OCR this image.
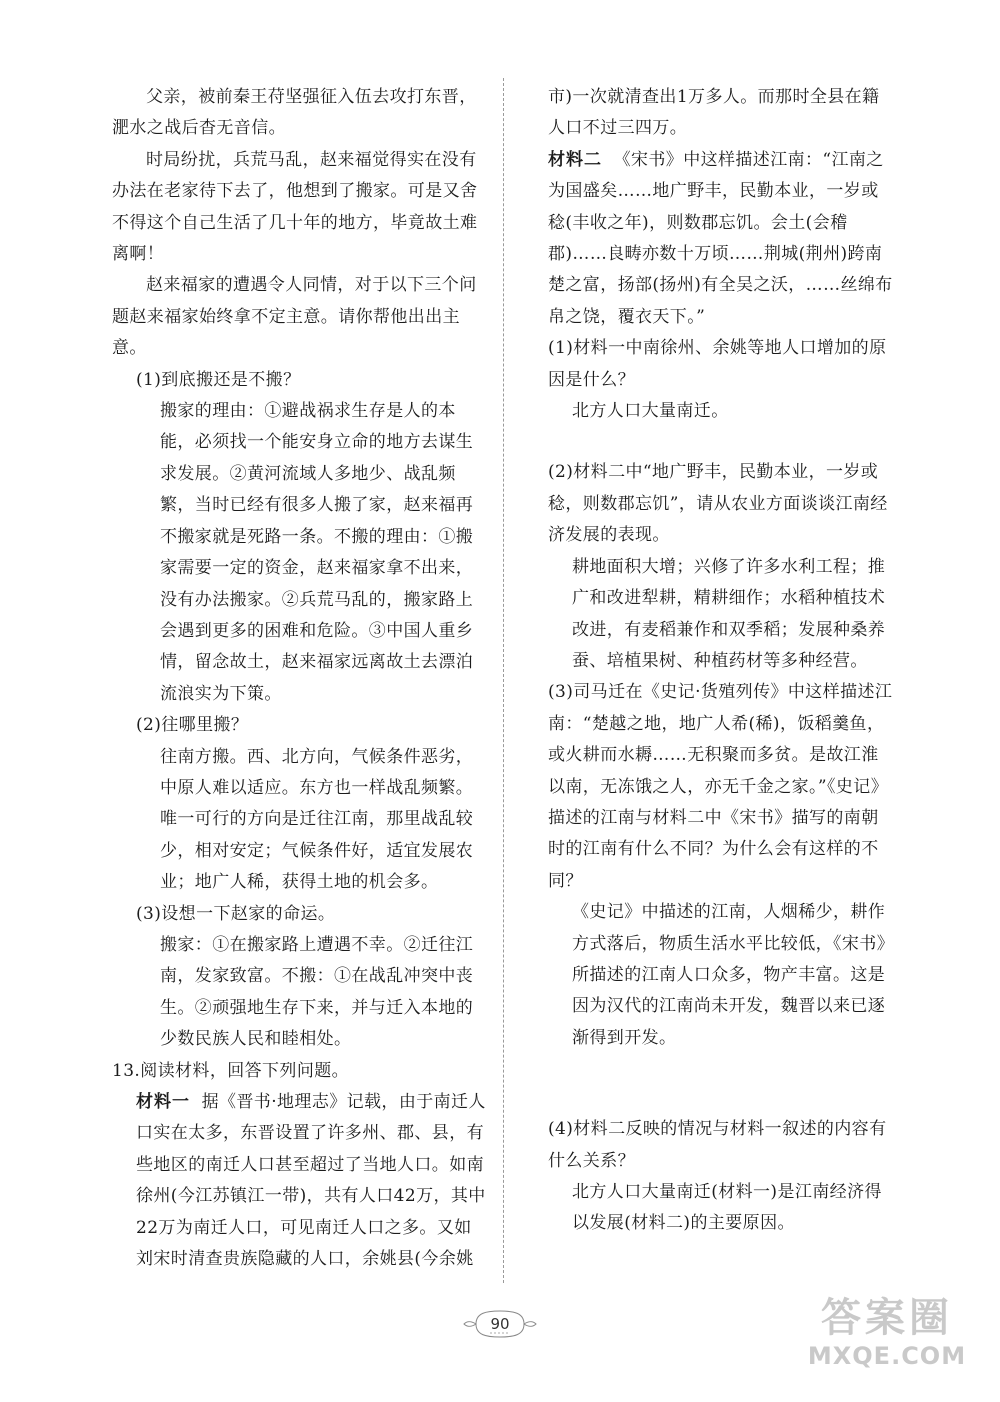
父亲，被前秦王苻坚强征入伍去攻打东晋，淝水之战后杳无音信。

时局纷扰，兵荒马乱，赵来福觉得实在没有办法在老家待下去了，他想到了搬家。可是又舍不得这个自己生活了几十年的地方，毕竟故土难离啊！

赵来福家的遭遇令人同情，对于以下三个问题赵来福家始终拿不定主意。请你帮他出出主意。

(1)到底搬还是不搬？

搬家的理由：①避战祸求生存是人的本能，必须找一个能安身立命的地方去谋生求发展。②黄河流域人多地少、战乱频繁，当时已经有很多人搬了家，赵来福再不搬家就是死路一条。不搬的理由：①搬家需要一定的资金，赵来福家拿不出来，没有办法搬家。②兵荒马乱的，搬家路上会遇到更多的困难和危险。③中国人重乡情，留念故土，赵来福家远离故土去漂泊流浪实为下策。

(2)往哪里搬？

往南方搬。西、北方向，气候条件恶劣，中原人难以适应。东方也一样战乱频繁。唯一可行的方向是迁往江南，那里战乱较少，相对安定；气候条件好，适宜发展农业；地广人稀，获得土地的机会多。

(3)设想一下赵家的命运。

搬家：①在搬家路上遭遇不幸。②迁往江南，发家致富。不搬：①在战乱冲突中丧生。②顽强地生存下来，并与迁入本地的少数民族人民和睦相处。

13.阅读材料，回答下列问题。

材料一 据《晋书·地理志》记载，由于南迁人口实在太多，东晋设置了许多州、郡、县，有些地区的南迁人口甚至超过了当地人口。如南徐州(今江苏镇江一带)，共有人口42万，其中22万为南迁人口，可见南迁人口之多。又如刘宋时清查贵族隐藏的人口，余姚县(今余姚

市)一次就清查出1万多人。而那时全县在籍人口不过三四万。

材料二 《宋书》中这样描述江南：“江南之为国盛矣……地广野丰，民勤本业，一岁或稔(丰收之年)，则数郡忘饥。会土(会稽郡)……良畴亦数十万顷……荆城(荆州)跨南楚之富，扬部(扬州)有全吴之沃，……丝绵布帛之饶，覆衣天下。”

(1)材料一中南徐州、余姚等地人口增加的原因是什么？

北方人口大量南迁。

(2)材料二中“地广野丰，民勤本业，一岁或稔，则数郡忘饥”，请从农业方面谈谈江南经济发展的表现。

耕地面积大增；兴修了许多水利工程；推广和改进犁耕，精耕细作；水稻种植技术改进，有麦稻兼作和双季稻；发展种桑养蚕、培植果树、种植药材等多种经营。

(3)司马迁在《史记·货殖列传》中这样描述江南：“楚越之地，地广人希(稀)，饭稻羹鱼，或火耕而水耨……无积聚而多贫。是故江淮以南，无冻饿之人，亦无千金之家。”《史记》描述的江南与材料二中《宋书》描写的南朝时的江南有什么不同？为什么会有这样的不同？

《史记》中描述的江南，人烟稀少，耕作方式落后，物质生活水平比较低，《宋书》所描述的江南人口众多，物产丰富。这是因为汉代的江南尚未开发，魏晋以来已逐渐得到开发。

(4)材料二反映的情况与材料一叙述的内容有什么关系？

北方人口大量南迁(材料一)是江南经济得以发展(材料二)的主要原因。

90	答案圈
MXQE.COM
